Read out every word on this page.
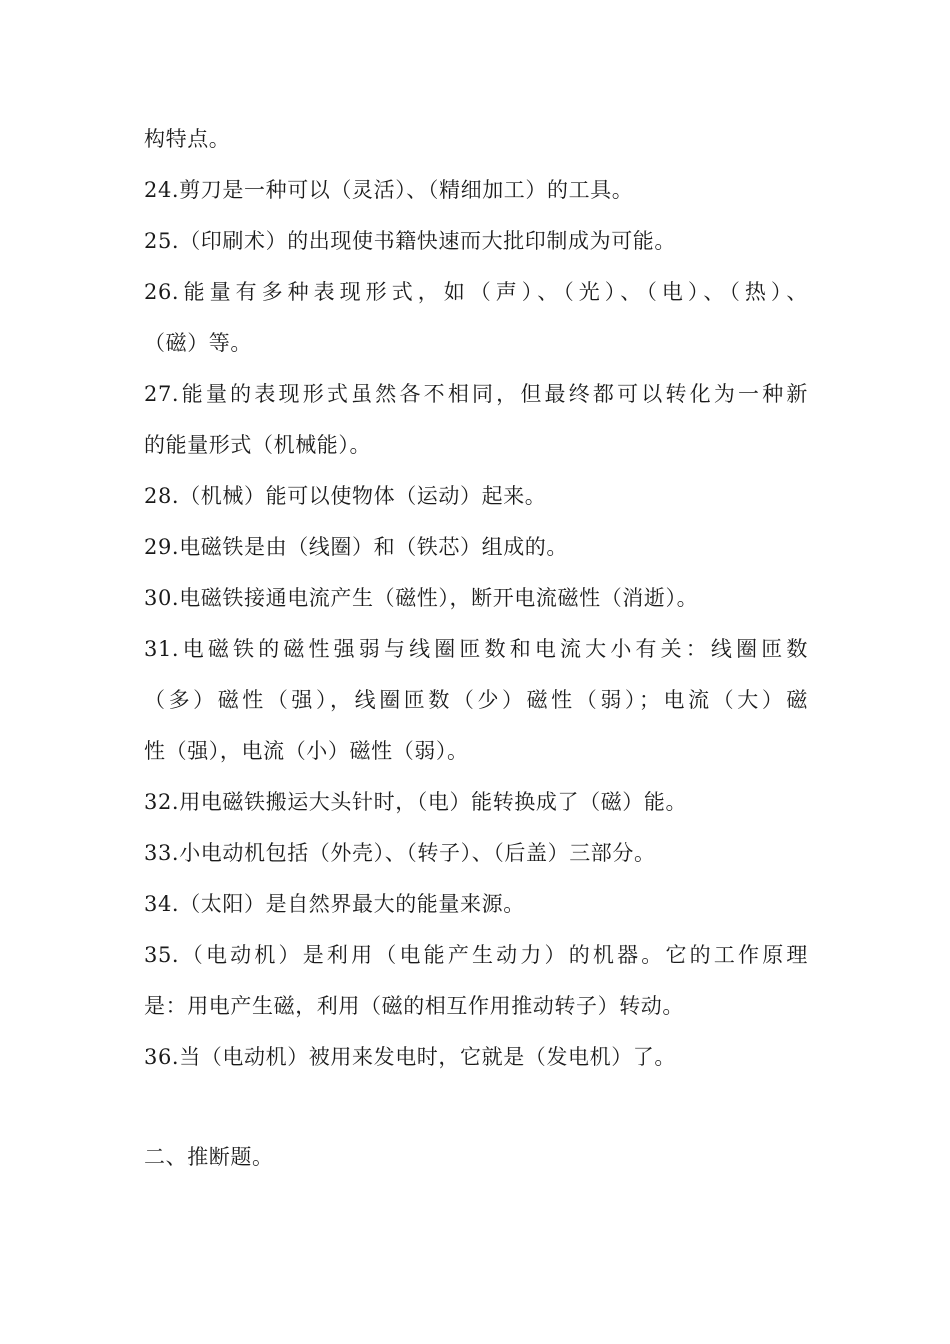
构特点。
24.剪刀是一种可以（灵活）、（精细加工）的工具。
25.（印刷术）的出现使书籍快速而大批印制成为可能。
26.能量有多种表现形式，如（声）、（光）、（电）、（热）、
（磁）等。
27.能量的表现形式虽然各不相同，但最终都可以转化为一种新
的能量形式（机械能）。
28.（机械）能可以使物体（运动）起来。
29.电磁铁是由（线圈）和（铁芯）组成的。
30.电磁铁接通电流产生（磁性），断开电流磁性（消逝）。
31.电磁铁的磁性强弱与线圈匝数和电流大小有关：线圈匝数
（多）磁性（强），线圈匝数（少）磁性（弱）；电流（大）磁
性（强），电流（小）磁性（弱）。
32.用电磁铁搬运大头针时，（电）能转换成了（磁）能。
33.小电动机包括（外壳）、（转子）、（后盖）三部分。
34.（太阳）是自然界最大的能量来源。
35.（电动机）是利用（电能产生动力）的机器。它的工作原理
是：用电产生磁，利用（磁的相互作用推动转子）转动。
36.当（电动机）被用来发电时，它就是（发电机）了。
二、推断题。
